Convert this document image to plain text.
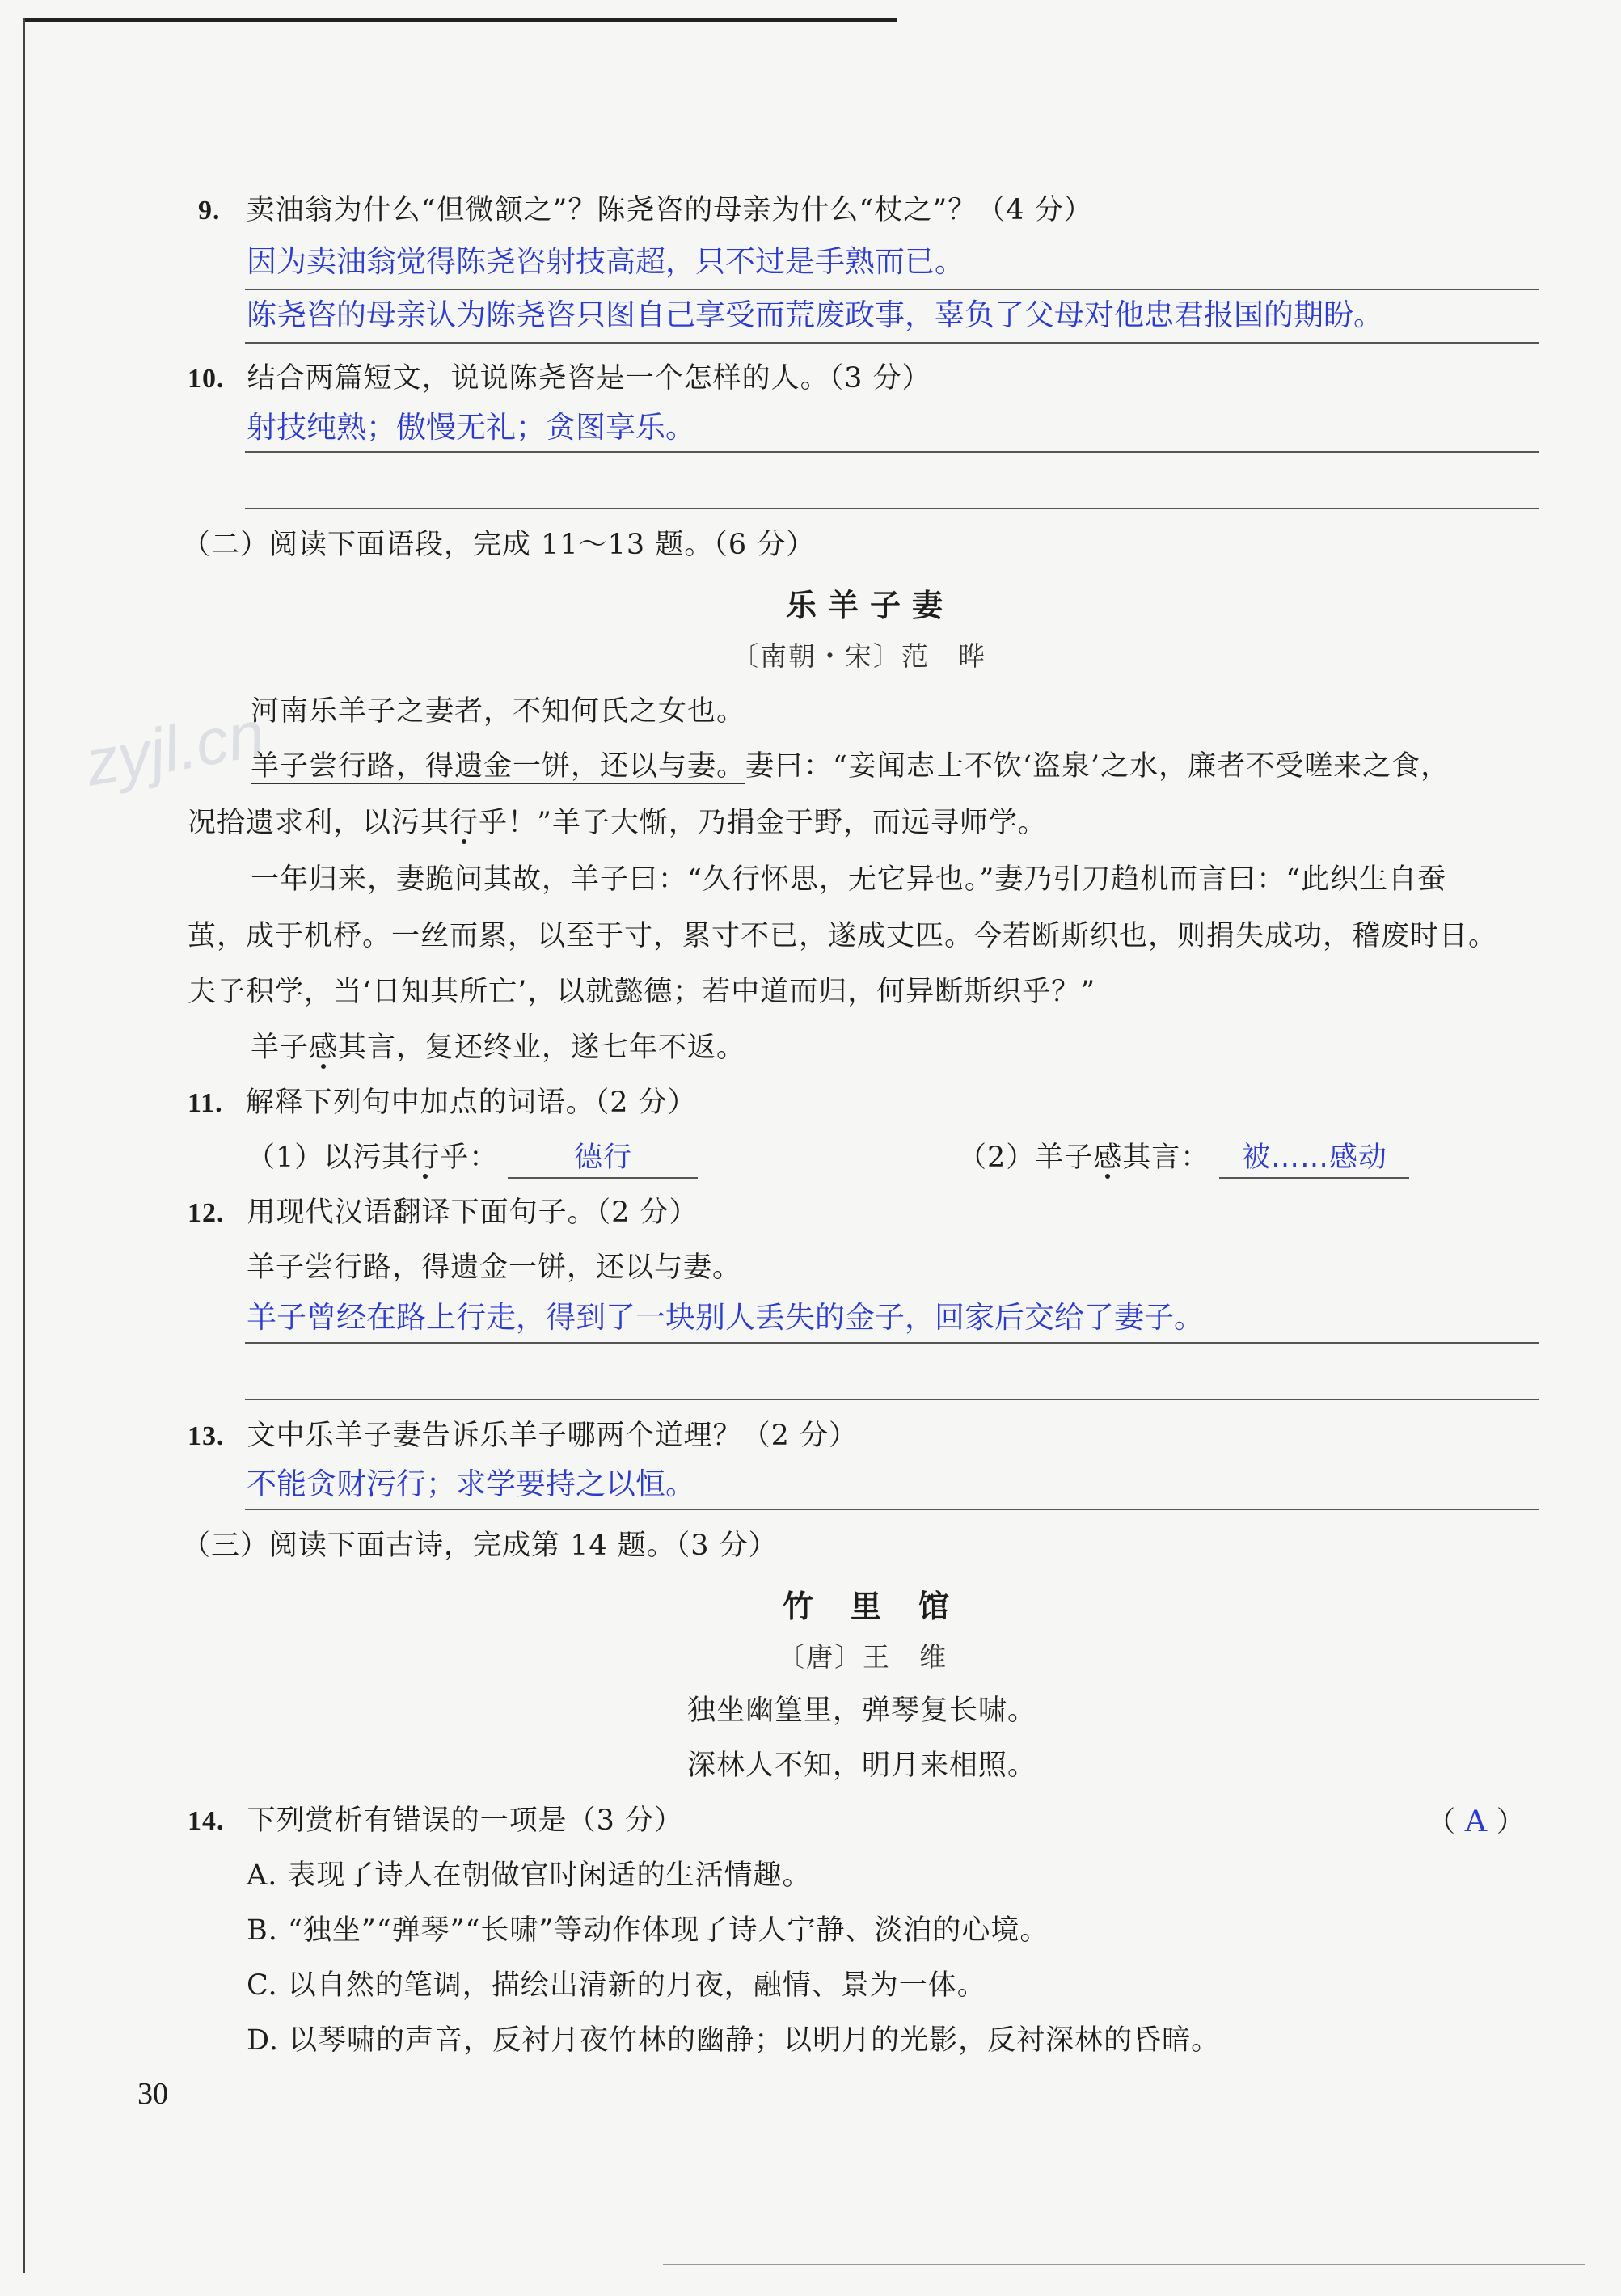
zyjl.cn
9. 卖油翁为什么“但微颔之”？陈尧咨的母亲为什么“杖之”？（4 分）
因为卖油翁觉得陈尧咨射技高超，只不过是手熟而已。
陈尧咨的母亲认为陈尧咨只图自己享受而荒废政事，辜负了父母对他忠君报国的期盼。
10. 结合两篇短文，说说陈尧咨是一个怎样的人。（3 分）
射技纯熟；傲慢无礼；贪图享乐。
（二）阅读下面语段，完成 11～13 题。（6 分）
乐羊子妻
〔南朝・宋〕范　晔
河南乐羊子之妻者，不知何氏之女也。
羊子尝行路，得遗金一饼，还以与妻。妻曰：“妾闻志士不饮‘盗泉’之水，廉者不受嗟来之食，
况拾遗求利，以污其行乎！”羊子大惭，乃捐金于野，而远寻师学。
一年归来，妻跪问其故，羊子曰：“久行怀思，无它异也。”妻乃引刀趋机而言曰：“此织生自蚕
茧，成于机杼。一丝而累，以至于寸，累寸不已，遂成丈匹。今若断斯织也，则捐失成功，稽废时日。
夫子积学，当‘日知其所亡’，以就懿德；若中道而归，何异断斯织乎？”
羊子感其言，复还终业，遂七年不返。
11. 解释下列句中加点的词语。（2 分）
（1）以污其行乎：	德行	（2）羊子感其言： 被……感动
12. 用现代汉语翻译下面句子。（2 分）
羊子尝行路，得遗金一饼，还以与妻。
羊子曾经在路上行走，得到了一块别人丢失的金子，回家后交给了妻子。
13. 文中乐羊子妻告诉乐羊子哪两个道理？（2 分）
不能贪财污行；求学要持之以恒。
（三）阅读下面古诗，完成第 14 题。（3 分）
竹　里　馆
〔唐〕王　维
独坐幽篁里，弹琴复长啸。
深林人不知，明月来相照。
14. 下列赏析有错误的一项是（3 分）	（ A ）
A. 表现了诗人在朝做官时闲适的生活情趣。
B. “独坐”“弹琴”“长啸”等动作体现了诗人宁静、淡泊的心境。
C. 以自然的笔调，描绘出清新的月夜，融情、景为一体。
D. 以琴啸的声音，反衬月夜竹林的幽静；以明月的光影，反衬深林的昏暗。
30
